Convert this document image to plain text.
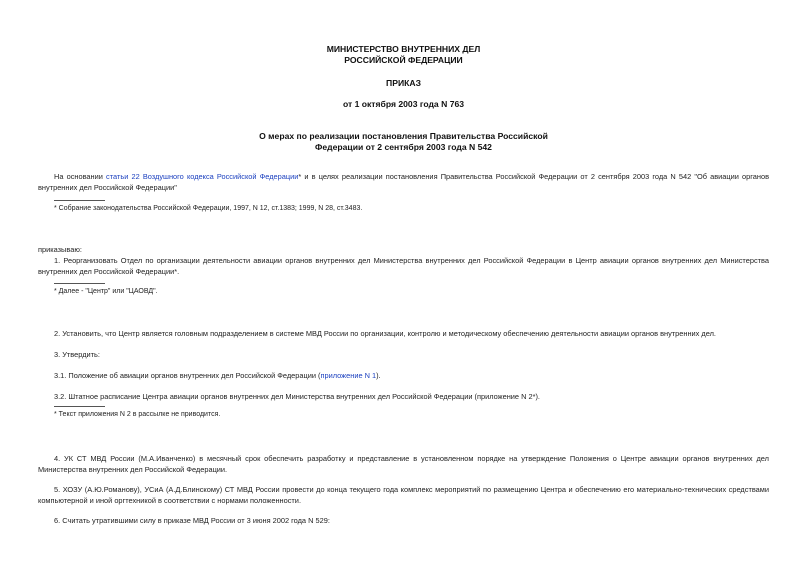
МИНИСТЕРСТВО ВНУТРЕННИХ ДЕЛ
РОССИЙСКОЙ ФЕДЕРАЦИИ
ПРИКАЗ
от 1 октября 2003 года N 763
О мерах по реализации постановления Правительства Российской
Федерации от 2 сентября 2003 года N 542
На основании статьи 22 Воздушного кодекса Российской Федерации* и в целях реализации постановления Правительства Российской Федерации от 2 сентября 2003 года N 542 "Об авиации органов внутренних дел Российской Федерации"
* Собрание законодательства Российской Федерации, 1997, N 12, ст.1383; 1999, N 28, ст.3483.
приказываю:
1. Реорганизовать Отдел по организации деятельности авиации органов внутренних дел Министерства внутренних дел Российской Федерации в Центр авиации органов внутренних дел Министерства внутренних дел Российской Федерации*.
* Далее - "Центр" или "ЦАОВД".
2. Установить, что Центр является головным подразделением в системе МВД России по организации, контролю и методическому обеспечению деятельности авиации органов внутренних дел.
3. Утвердить:
3.1. Положение об авиации органов внутренних дел Российской Федерации (приложение N 1).
3.2. Штатное расписание Центра авиации органов внутренних дел Министерства внутренних дел Российской Федерации (приложение N 2*).
* Текст приложения N 2 в рассылке не приводится.
4. УК СТ МВД России (М.А.Иванченко) в месячный срок обеспечить разработку и представление в установленном порядке на утверждение Положения о Центре авиации органов внутренних дел Министерства внутренних дел Российской Федерации.
5. ХОЗУ (А.Ю.Романову), УСиА (А.Д.Блинскому) СТ МВД России провести до конца текущего года комплекс мероприятий по размещению Центра и обеспечению его материально-технических средствами компьютерной и иной оргтехникой в соответствии с нормами положенности.
6. Считать утратившими силу в приказе МВД России от 3 июня 2002 года N 529:
